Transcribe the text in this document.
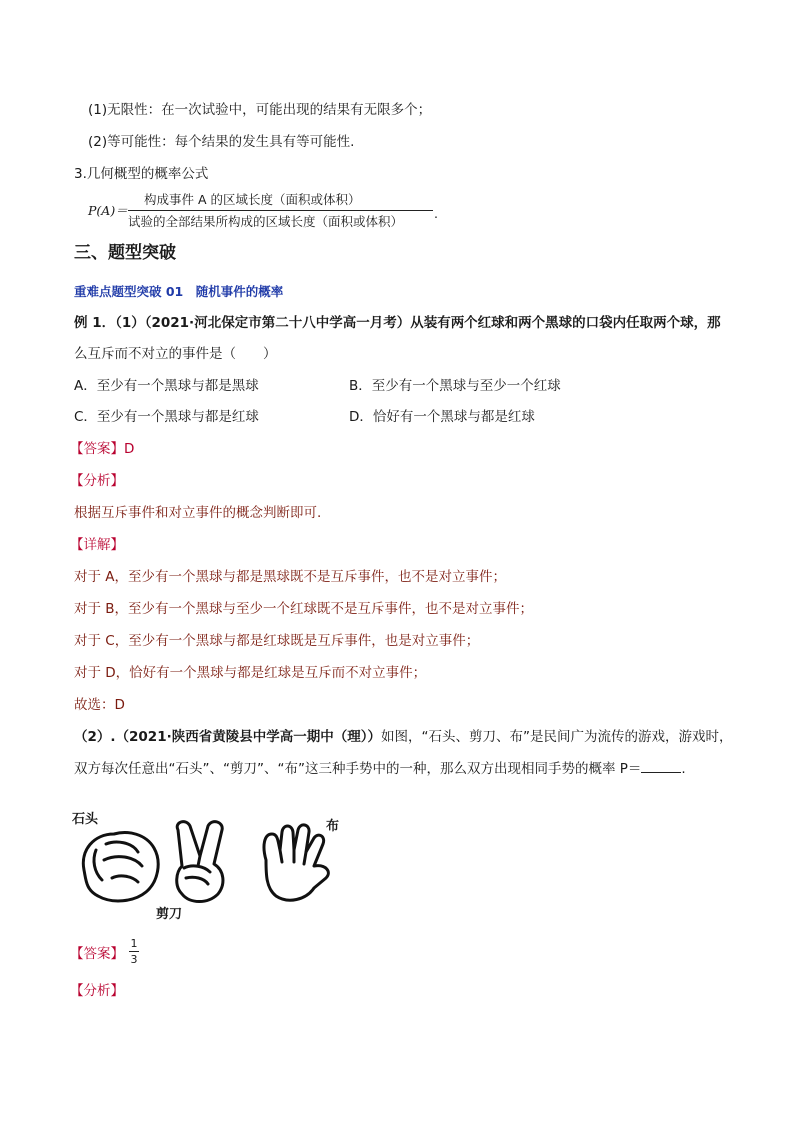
(1)无限性：在一次试验中，可能出现的结果有无限多个；
(2)等可能性：每个结果的发生具有等可能性.
3.几何概型的概率公式
P(A)＝
构成事件 A 的区域长度（面积或体积）
试验的全部结果所构成的区域长度（面积或体积）
.
三、题型突破
重难点题型突破 01　随机事件的概率
例 1．（1）（2021·河北保定市第二十八中学高一月考）从装有两个红球和两个黑球的口袋内任取两个球，那
么互斥而不对立的事件是（　　）
A．至少有一个黑球与都是黑球	B．至少有一个黑球与至少一个红球
C．至少有一个黑球与都是红球	D．恰好有一个黑球与都是红球
【答案】D
【分析】
根据互斥事件和对立事件的概念判断即可.
【详解】
对于 A，至少有一个黑球与都是黑球既不是互斥事件，也不是对立事件；
对于 B，至少有一个黑球与至少一个红球既不是互斥事件，也不是对立事件；
对于 C，至少有一个黑球与都是红球既是互斥事件，也是对立事件；
对于 D，恰好有一个黑球与都是红球是互斥而不对立事件；
故选：D
（2）.（2021·陕西省黄陵县中学高一期中（理））如图，“石头、剪刀、布”是民间广为流传的游戏，游戏时，
双方每次任意出“石头”、“剪刀”、“布”这三种手势中的一种，那么双方出现相同手势的概率 P＝	.
石头	布
剪刀
【答案】
1
3
【分析】
